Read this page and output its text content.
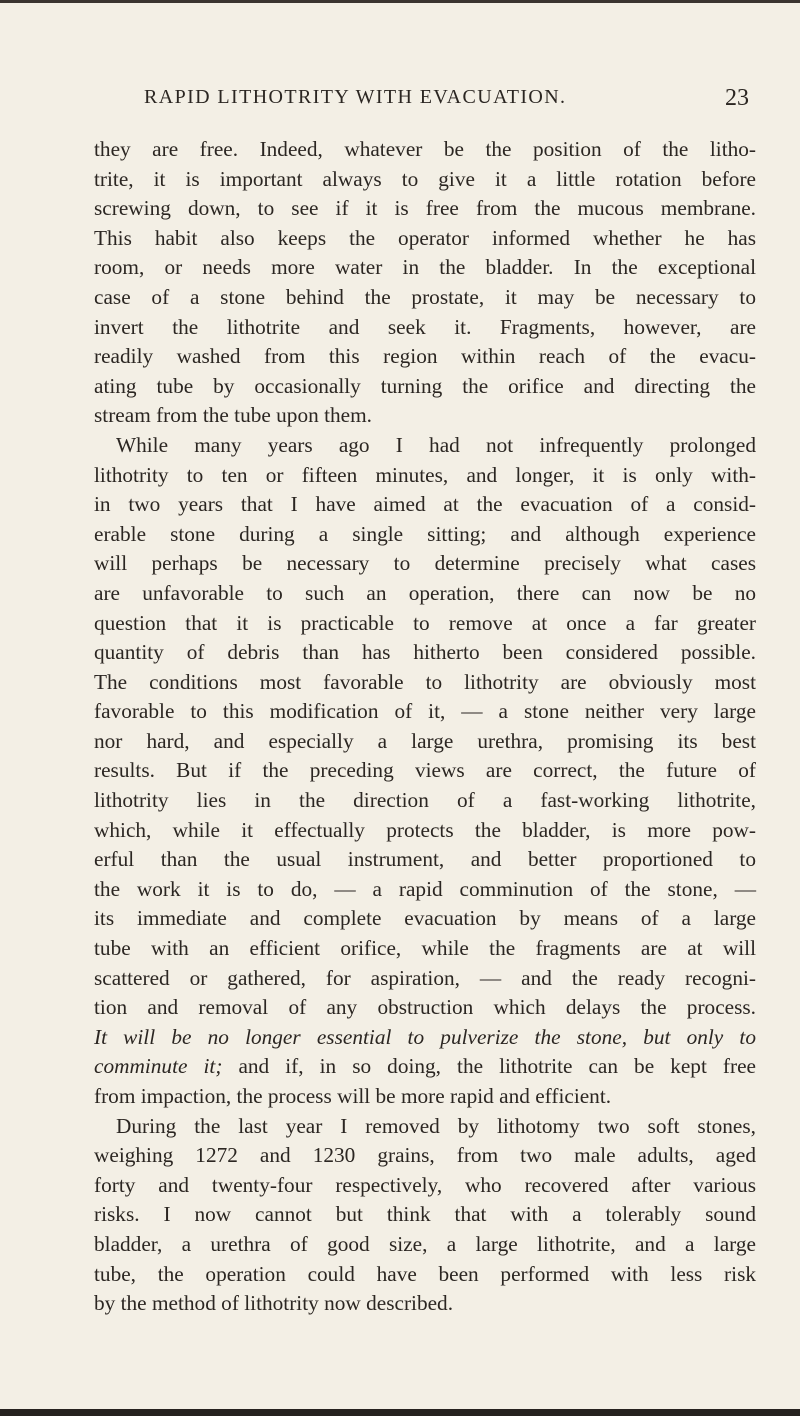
RAPID LITHOTRITY WITH EVACUATION.	23
they are free. Indeed, whatever be the position of the litho-
trite, it is important always to give it a little rotation before
screwing down, to see if it is free from the mucous membrane.
This habit also keeps the operator informed whether he has
room, or needs more water in the bladder. In the exceptional
case of a stone behind the prostate, it may be necessary to
invert the lithotrite and seek it. Fragments, however, are
readily washed from this region within reach of the evacu-
ating tube by occasionally turning the orifice and directing the
stream from the tube upon them.
While many years ago I had not infrequently prolonged
lithotrity to ten or fifteen minutes, and longer, it is only with-
in two years that I have aimed at the evacuation of a consid-
erable stone during a single sitting; and although experience
will perhaps be necessary to determine precisely what cases
are unfavorable to such an operation, there can now be no
question that it is practicable to remove at once a far greater
quantity of debris than has hitherto been considered possible.
The conditions most favorable to lithotrity are obviously most
favorable to this modification of it, — a stone neither very large
nor hard, and especially a large urethra, promising its best
results. But if the preceding views are correct, the future of
lithotrity lies in the direction of a fast-working lithotrite,
which, while it effectually protects the bladder, is more pow-
erful than the usual instrument, and better proportioned to
the work it is to do, — a rapid comminution of the stone, —
its immediate and complete evacuation by means of a large
tube with an efficient orifice, while the fragments are at will
scattered or gathered, for aspiration, — and the ready recogni-
tion and removal of any obstruction which delays the process.
It will be no longer essential to pulverize the stone, but only to
comminute it; and if, in so doing, the lithotrite can be kept free
from impaction, the process will be more rapid and efficient.
During the last year I removed by lithotomy two soft stones,
weighing 1272 and 1230 grains, from two male adults, aged
forty and twenty-four respectively, who recovered after various
risks. I now cannot but think that with a tolerably sound
bladder, a urethra of good size, a large lithotrite, and a large
tube, the operation could have been performed with less risk
by the method of lithotrity now described.
